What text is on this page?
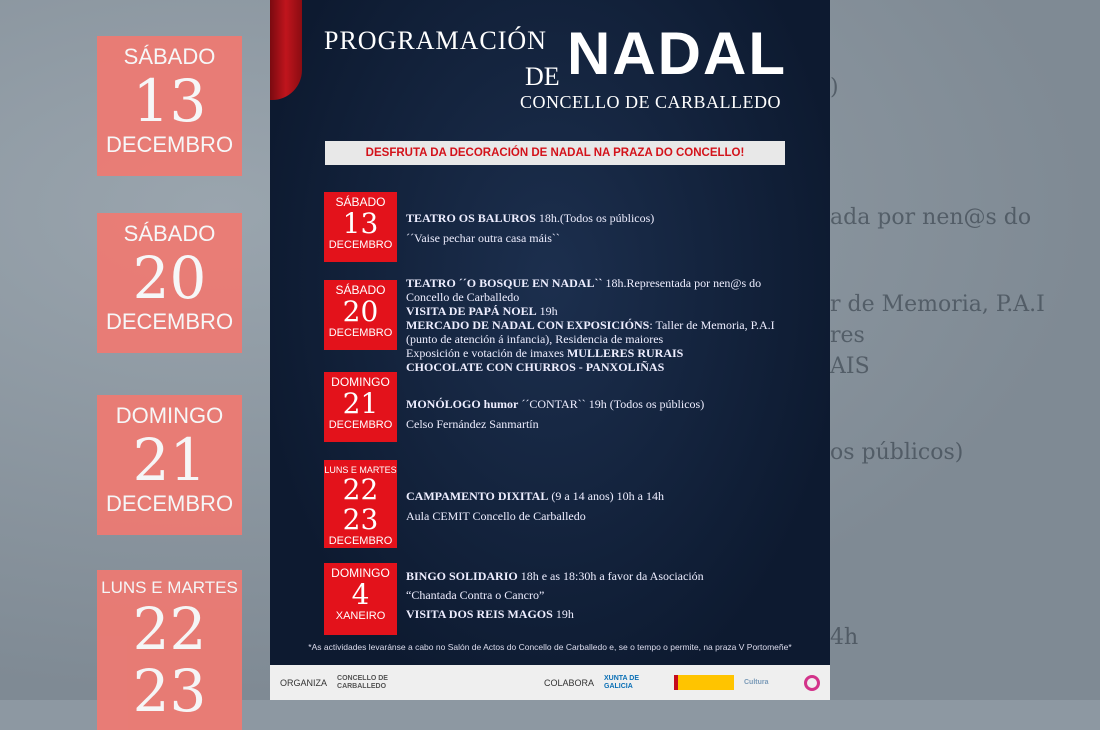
SÁBADO
13
DECEMBRO
SÁBADO
20
DECEMBRO
DOMINGO
21
DECEMBRO
LUNS E MARTES
22
23
)
ada por nen@s do
r de Memoria, P.A.I
res
AIS
os públicos)
4h
PROGRAMACIÓN
DE NADAL
CONCELLO DE CARBALLEDO
DESFRUTA DA DECORACIÓN DE NADAL NA PRAZA DO CONCELLO!
SÁBADO
13
DECEMBRO
TEATRO OS BALUROS 18h.(Todos os públicos)
´´Vaise pechar outra casa máis``
SÁBADO
20
DECEMBRO
TEATRO ´´O BOSQUE EN NADAL`` 18h.Representada por nen@s do
Concello de Carballedo
VISITA DE PAPÁ NOEL 19h
MERCADO DE NADAL CON EXPOSICIÓNS: Taller de Memoria, P.A.I
(punto de atención á infancia), Residencia de maiores
Exposición e votación de imaxes MULLERES RURAIS
CHOCOLATE CON CHURROS - PANXOLIÑAS
DOMINGO
21
DECEMBRO
MONÓLOGO humor ´´CONTAR`` 19h (Todos os públicos)
Celso Fernández Sanmartín
LUNS E MARTES
22
23
DECEMBRO
CAMPAMENTO DIXITAL (9 a 14 anos) 10h a 14h
Aula CEMIT Concello de Carballedo
DOMINGO
4
XANEIRO
BINGO SOLIDARIO 18h e as 18:30h a favor da Asociación
“Chantada Contra o Cancro”
VISITA DOS REIS MAGOS 19h
*As actividades levaránse a cabo no Salón de Actos do Concello de Carballedo e, se o tempo o permite, na praza V Portomeñe*
ORGANIZA CONCELLO DE CARBALLEDO	COLABORA XUNTA DE GALICIA
Cultura
